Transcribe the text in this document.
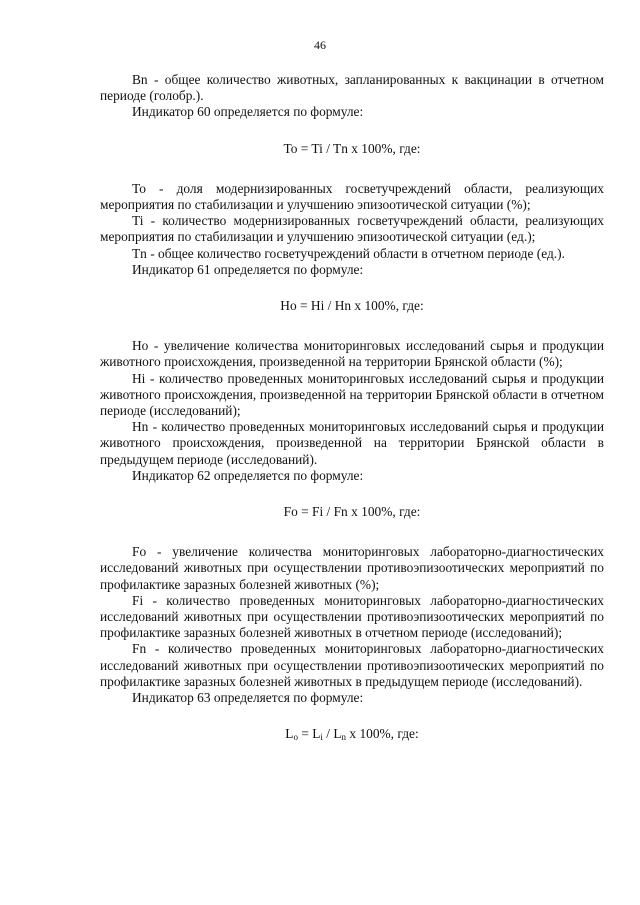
46

Bn - общее количество животных, запланированных к вакцинации в отчетном периоде (голобр.).

Индикатор 60 определяется по формуле:

To = Ti / Tn x 100%, где:

To - доля модернизированных госветучреждений области, реализующих мероприятия по стабилизации и улучшению эпизоотической ситуации (%);

Ti - количество модернизированных госветучреждений области, реализующих мероприятия по стабилизации и улучшению эпизоотической ситуации (ед.);

Tn - общее количество госветучреждений области в отчетном периоде (ед.).

Индикатор 61 определяется по формуле:

Ho = Hi / Hn x 100%, где:

Ho - увеличение количества мониторинговых исследований сырья и продукции животного происхождения, произведенной на территории Брянской области (%);

Hi - количество проведенных мониторинговых исследований сырья и продукции животного происхождения, произведенной на территории Брянской области в отчетном периоде (исследований);

Hn - количество проведенных мониторинговых исследований сырья и продукции животного происхождения, произведенной на территории Брянской области в предыдущем периоде (исследований).

Индикатор 62 определяется по формуле:

Fo = Fi / Fn x 100%, где:

Fo - увеличение количества мониторинговых лабораторно-диагностических исследований животных при осуществлении противоэпизоотических мероприятий по профилактике заразных болезней животных (%);

Fi - количество проведенных мониторинговых лабораторно-диагностических исследований животных при осуществлении противоэпизоотических мероприятий по профилактике заразных болезней животных в отчетном периоде (исследований);

Fn - количество проведенных мониторинговых лабораторно-диагностических исследований животных при осуществлении противоэпизоотических мероприятий по профилактике заразных болезней животных в предыдущем периоде (исследований).

Индикатор 63 определяется по формуле:

$L_o = L_i / L_n$ x 100%, где:
